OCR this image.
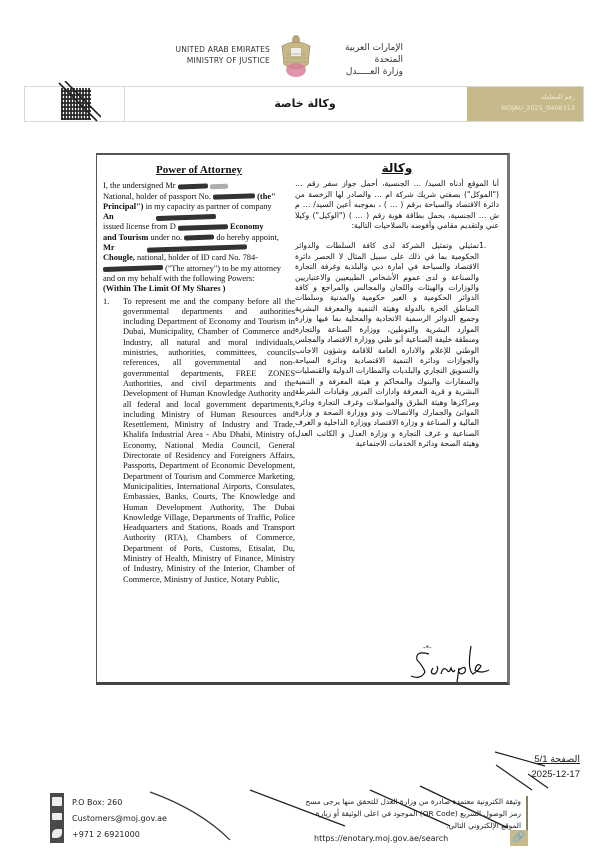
UNITED ARAB EMIRATES
MINISTRY OF JUSTICE
الإمارات العربية المتحدة
وزارة العـــــدل
وكالة خاصة	رقم المعاملة
MOJAU_2025_0408313
Power of Attorney
I, the undersigned Mr
National, holder of passport No.	(the"
Principal") in my capacity as partner of company
An
issued license from D	Economy
and Tourism under no.	do hereby appoint,
Mr
Chougle, national, holder of ID card No. 784-
("The attorney") to be my attorney
and on my behalf with the following Powers:
(Within The Limit Of My Shares )
1.	To represent me and the company before all the governmental departments and authorities including Department of Economy and Tourism in Dubai, Municipality, Chamber of Commerce and Industry, all natural and moral individuals, ministries, authorities, committees, councils references, all governmental and non-governmental departments, FREE ZONES Authorities, and civil departments and the Development of Human Knowledge Authority and all federal and local government departments, including Ministry of Human Resources and Resettlement, Ministry of Industry and Trade, Khalifa Industrial Area - Abu Dhabi, Ministry of Economy, National Media Council, General Directorate of Residency and Foreigners Affairs, Passports, Department of Economic Development, Department of Tourism and Commerce Marketing, Municipalities, International Airports, Consulates, Embassies, Banks, Courts, The Knowledge and Human Development Authority, The Dubai Knowledge Village, Departments of Traffic, Police Headquarters and Stations, Roads and Transport Authority (RTA), Chambers of Commerce, Department of Ports, Customs, Etisalat, Du, Ministry of Health, Ministry of Finance, Ministry of Industry, Ministry of the Interior, Chamber of Commerce, Ministry of Justice, Notary Public,
وكالة
أنا الموقع أدناه السيد/ … الجنسية، أحمل جواز سفر رقم … ("الموكل") بصفتي شريك شركة ام … والصادر لها الرخصة من دائرة الاقتصاد والسياحة برقم ( … ) ، بموجبه أعين السيد/ … م ش … الجنسية، يحمل بطاقة هوية رقم ( … ) ("الوكيل") وكيلا عني ولتقديم مقامي وأفوضه بالصلاحيات التالية:
1.
تمثيلي وتمثيل الشركة لدى كافة السلطات والدوائر الحكومية بما في ذلك على سبيل المثال لا الحصر دائرة الاقتصاد والسياحة في امارة دبي والبلدية وغرفة التجارة والصناعة و لدى عموم الأشخاص الطبيعيين والاعتباريين والوزارات والهيئات واللجان والمجالس والمراجع و كافة الدوائر الحكومية و الغير حكومية والمدنية وسلطات المناطق الحرة بالدولة وهيئة التنمية والمعرفة البشرية وجميع الدوائر الرسمية الاتحادية والمحلية بما فيها وزارة الموارد البشرية والتوطين، ووزارة الصناعة والتجارة ومنطقة خليفة الصناعية أبو ظبي ووزارة الاقتصاد والمجلس الوطني للإعلام والادارة العامة للاقامة وشؤون الاجانب والجوازات ودائرة التنمية الاقتصادية ودائرة السياحة والتسويق التجاري والبلديات والمطارات الدولية والقنصليات والسفارات والبنوك والمحاكم و هيئة المعرفة و التنمية البشرية و قرية المعرفة وادارات المرور وقيادات الشرطة ومراكزها وهيئة الطرق والمواصلات وغرف التجارة ودائرة الموانئ والجمارك والاتصالات ودو ووزارة الصحة و وزارة المالية و الصناعة و وزارة الاقتصاد ووزارة الداخلية و الغرف الصناعية و غرف التجارة و وزارة العدل و الكاتب العدل وهيئة الصحة ودائرة الخدمات الاجتماعية
-*-
الصفحة 5/1
2025-12-17
P.O Box: 260
Customers@moj.gov.ae
+971 2 6921000
وثيقة الكترونية معتمدة صادرة من وزارة العدل للتحقق منها يرجى مسح رمز الوصول السريع (QR Code) الموجود في اعلى الوثيقة أو زيارة الموقع الإلكتروني التالي:
https://enotary.moj.gov.ae/search	🔗
